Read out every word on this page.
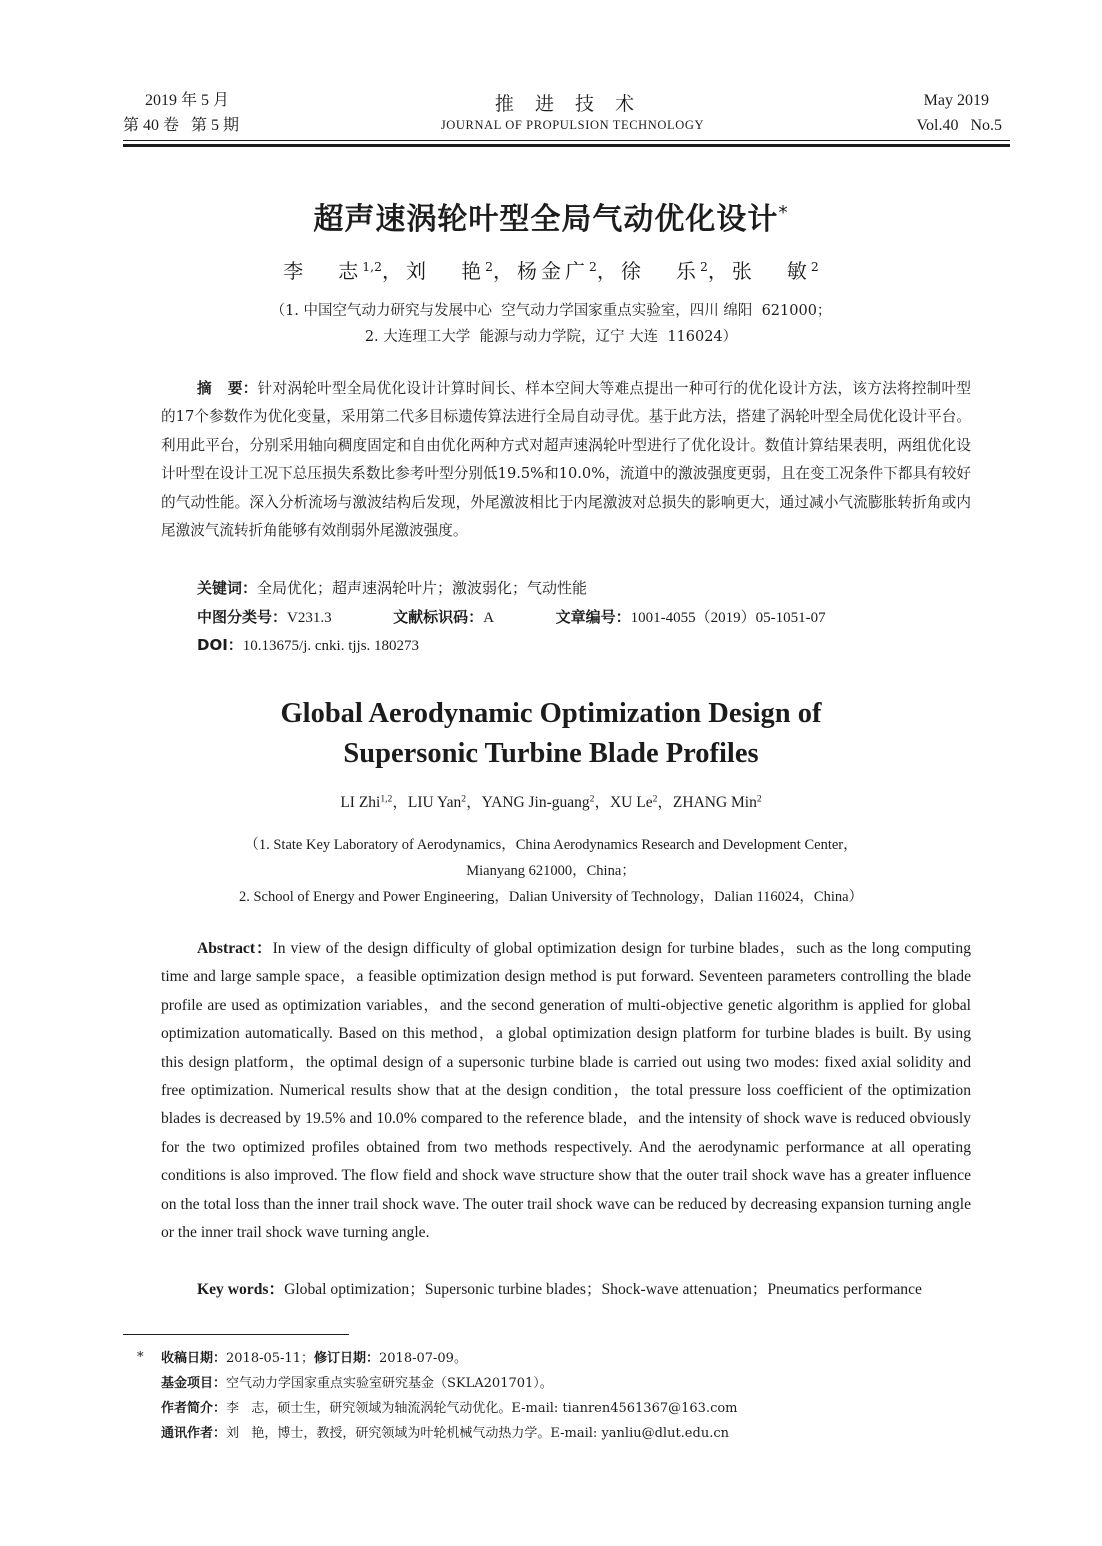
2019 年 5 月
第 40 卷   第 5 期
推  进  技  术
JOURNAL OF PROPULSION TECHNOLOGY
May 2019
Vol.40   No.5
超声速涡轮叶型全局气动优化设计*
李   志$^{1,2}$，刘   艳$^2$，杨金广$^2$，徐   乐$^2$，张   敏$^2$
（1. 中国空气动力研究与发展中心  空气动力学国家重点实验室，四川 绵阳  621000；
2. 大连理工大学  能源与动力学院，辽宁 大连  116024）

摘   要：针对涡轮叶型全局优化设计计算时间长、样本空间大等难点提出一种可行的优化设计方法，该方法将控制叶型的17个参数作为优化变量，采用第二代多目标遗传算法进行全局自动寻优。基于此方法，搭建了涡轮叶型全局优化设计平台。利用此平台，分别采用轴向稠度固定和自由优化两种方式对超声速涡轮叶型进行了优化设计。数值计算结果表明，两组优化设计叶型在设计工况下总压损失系数比参考叶型分别低19.5%和10.0%，流道中的激波强度更弱，且在变工况条件下都具有较好的气动性能。深入分析流场与激波结构后发现，外尾激波相比于内尾激波对总损失的影响更大，通过减小气流膨胀转折角或内尾激波气流转折角能够有效削弱外尾激波强度。

关键词：全局优化；超声速涡轮叶片；激波弱化；气动性能
中图分类号：V231.3	文献标识码：A	文章编号：1001-4055（2019）05-1051-07
DOI：10.13675/j. cnki. tjjs. 180273
Global Aerodynamic Optimization Design of
Supersonic Turbine Blade Profiles
LI Zhi$^{1,2}$，LIU Yan$^2$，YANG Jin-guang$^2$，XU Le$^2$，ZHANG Min$^2$
（1. State Key Laboratory of Aerodynamics，China Aerodynamics Research and Development Center，
Mianyang 621000，China；
2. School of Energy and Power Engineering，Dalian University of Technology，Dalian 116024，China）

Abstract：In view of the design difficulty of global optimization design for turbine blades，such as the long computing time and large sample space，a feasible optimization design method is put forward. Seventeen parameters controlling the blade profile are used as optimization variables，and the second generation of multi-objective genetic algorithm is applied for global optimization automatically. Based on this method，a global optimization design platform for turbine blades is built. By using this design platform，the optimal design of a supersonic turbine blade is carried out using two modes: fixed axial solidity and free optimization. Numerical results show that at the design condition，the total pressure loss coefficient of the optimization blades is decreased by 19.5% and 10.0% compared to the reference blade，and the intensity of shock wave is reduced obviously for the two optimized profiles obtained from two methods respectively. And the aerodynamic performance at all operating conditions is also improved. The flow field and shock wave structure show that the outer trail shock wave has a greater influence on the total loss than the inner trail shock wave. The outer trail shock wave can be reduced by decreasing expansion turning angle or the inner trail shock wave turning angle.

Key words：Global optimization；Supersonic turbine blades；Shock-wave attenuation；Pneumatics performance

* 收稿日期：2018-05-11；修订日期：2018-07-09。
基金项目：空气动力学国家重点实验室研究基金（SKLA201701）。
作者简介：李   志，硕士生，研究领域为轴流涡轮气动优化。E-mail: tianren4561367@163.com
通讯作者：刘   艳，博士，教授，研究领域为叶轮机械气动热力学。E-mail: yanliu@dlut.edu.cn
